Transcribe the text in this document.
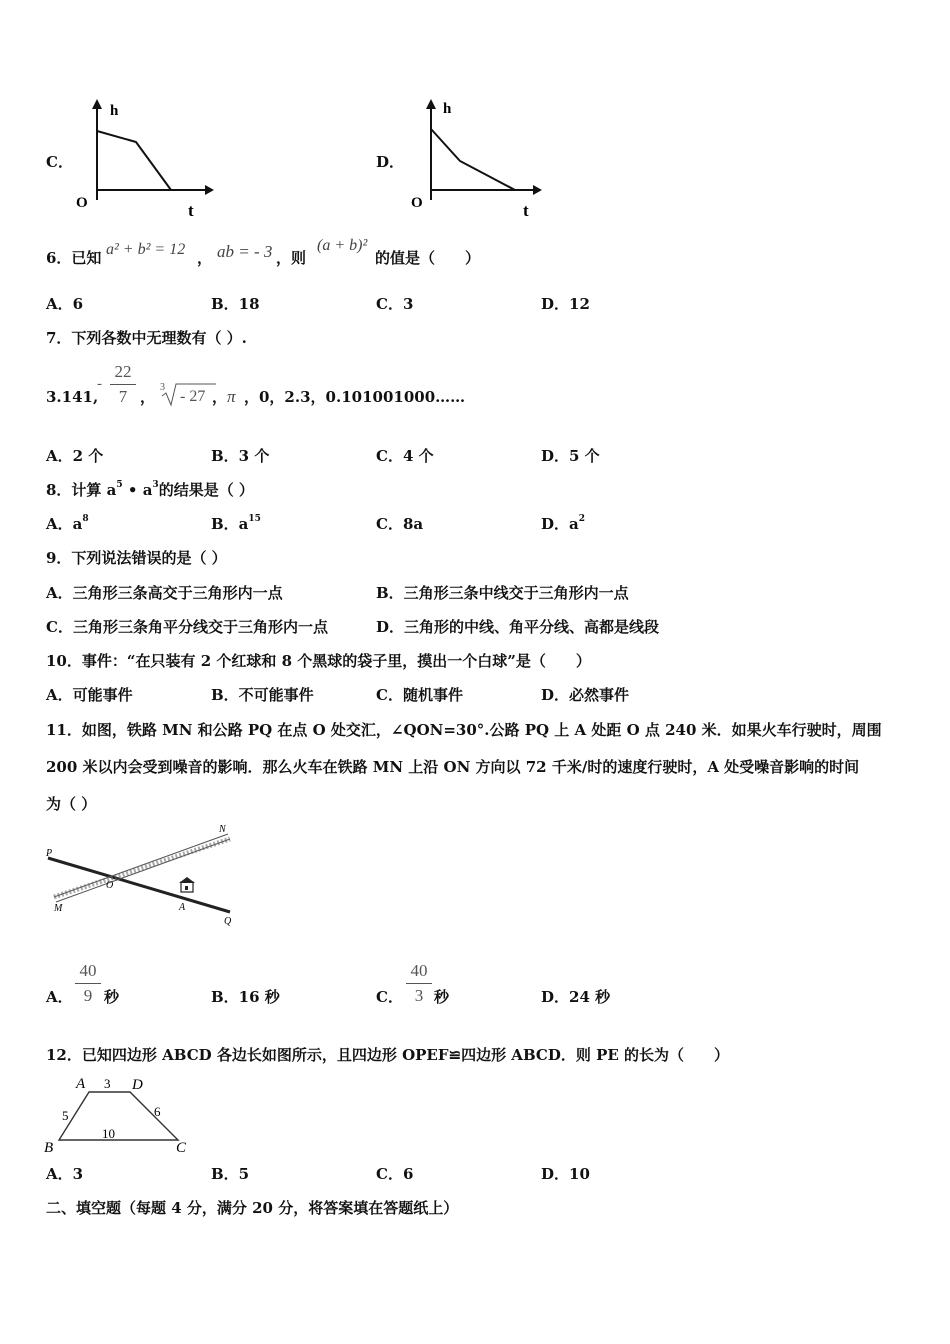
C．
h
O	t
D．
h
O	t
6．已知 a² + b² = 12 ， ab = - 3 ，则
(a + b)²
的值是（　　）
A．6	B．18	C．3	D．12
7．下列各数中无理数有（ ）.
3.141,
-
22
7 ，
3
- 27 ， π ，0，2.3，0.101001000……
A．2 个	B．3 个	C．4 个	D．5 个
8．计算 $a^5$ • $a^3$的结果是（ ）
A．$a^8$	B．$a^{15}$	C．8a	D．$a^2$
9．下列说法错误的是（ ）
A．三角形三条高交于三角形内一点	B．三角形三条中线交于三角形内一点
C．三角形三条角平分线交于三角形内一点	D．三角形的中线、角平分线、高都是线段
10．事件：“在只装有 2 个红球和 8 个黑球的袋子里，摸出一个白球”是（　　）
A．可能事件	B．不可能事件	C．随机事件	D．必然事件
11．如图，铁路 MN 和公路 PQ 在点 O 处交汇，∠QON=30°.公路 PQ 上 A 处距 O 点 240 米．如果火车行驶时，周围
200 米以内会受到噪音的影响．那么火车在铁路 MN 上沿 ON 方向以 72 千米/时的速度行驶时，A 处受噪音影响的时间
为（ ）
P
N
O
M	A
Q
A．
40
9 秒	B．16 秒	C．
40
3 秒	D．24 秒
12．已知四边形 ABCD 各边长如图所示，且四边形 OPEF≌四边形 ABCD．则 PE 的长为（　　）
A	D
B	C
3
5	6
10
A．3	B．5	C．6	D．10
二、填空题（每题 4 分，满分 20 分，将答案填在答题纸上）
